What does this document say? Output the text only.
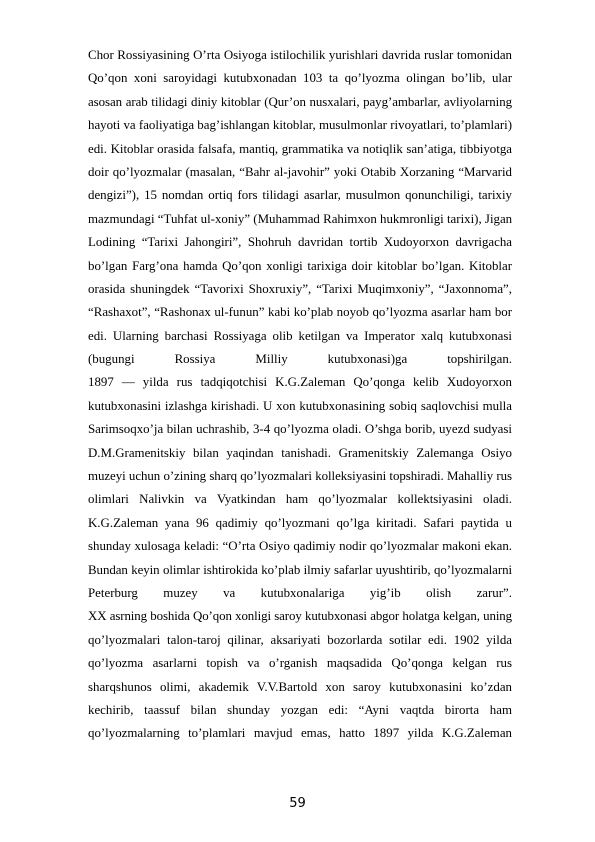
Chor Rossiyasining O’rta Osiyoga istilochilik yurishlari davrida ruslar tomonidan
Qo’qon xoni saroyidagi kutubxonadan 103 ta qo’lyozma olingan bo’lib, ular
asosan arab tilidagi diniy kitoblar (Qur’on nusxalari, payg’ambarlar, avliyolarning
hayoti va faoliyatiga bag’ishlangan kitoblar, musulmonlar rivoyatlari, to’plamlari)
edi. Kitoblar orasida falsafa, mantiq, grammatika va notiqlik san’atiga, tibbiyotga
doir qo’lyozmalar (masalan, “Bahr al-javohir” yoki Otabib Xorzaning “Marvarid
dengizi”), 15 nomdan ortiq fors tilidagi asarlar, musulmon qonunchiligi, tarixiy
mazmundagi “Tuhfat ul-xoniy” (Muhammad Rahimxon hukmronligi tarixi), Jigan
Lodining “Tarixi Jahongiri”, Shohruh davridan tortib Xudoyorxon davrigacha
bo’lgan Farg’ona hamda Qo’qon xonligi tarixiga doir kitoblar bo’lgan. Kitoblar
orasida shuningdek “Tavorixi Shoxruxiy”, “Tarixi Muqimxoniy”, “Jaxonnoma”,
“Rashaxot”, “Rashonax ul-funun” kabi ko’plab noyob qo’lyozma asarlar ham bor
edi. Ularning barchasi Rossiyaga olib ketilgan va Imperator xalq kutubxonasi
(bugungi Rossiya Milliy kutubxonasi)ga topshirilgan.
1897 — yilda rus tadqiqotchisi K.G.Zaleman Qo’qonga kelib Xudoyorxon
kutubxonasini izlashga kirishadi. U xon kutubxonasining sobiq saqlovchisi mulla
Sarimsoqxo’ja bilan uchrashib, 3-4 qo’lyozma oladi. O’shga borib, uyezd sudyasi
D.M.Gramenitskiy bilan yaqindan tanishadi. Gramenitskiy Zalemanga Osiyo
muzeyi uchun o’zining sharq qo’lyozmalari kolleksiyasini topshiradi. Mahalliy rus
olimlari Nalivkin va Vyatkindan ham qo’lyozmalar kollektsiyasini oladi.
K.G.Zaleman yana 96 qadimiy qo’lyozmani qo’lga kiritadi. Safari paytida u
shunday xulosaga keladi: “O’rta Osiyo qadimiy nodir qo’lyozmalar makoni ekan.
Bundan keyin olimlar ishtirokida ko’plab ilmiy safarlar uyushtirib, qo’lyozmalarni
Peterburg muzey va kutubxonalariga yig’ib olish zarur”.
XX asrning boshida Qo’qon xonligi saroy kutubxonasi abgor holatga kelgan, uning
qo’lyozmalari talon-taroj qilinar, aksariyati bozorlarda sotilar edi. 1902 yilda
qo’lyozma asarlarni topish va o’rganish maqsadida Qo’qonga kelgan rus
sharqshunos olimi, akademik V.V.Bartold xon saroy kutubxonasini ko’zdan
kechirib, taassuf bilan shunday yozgan edi: “Ayni vaqtda birorta ham
qo’lyozmalarning to’plamlari mavjud emas, hatto 1897 yilda K.G.Zaleman
59
